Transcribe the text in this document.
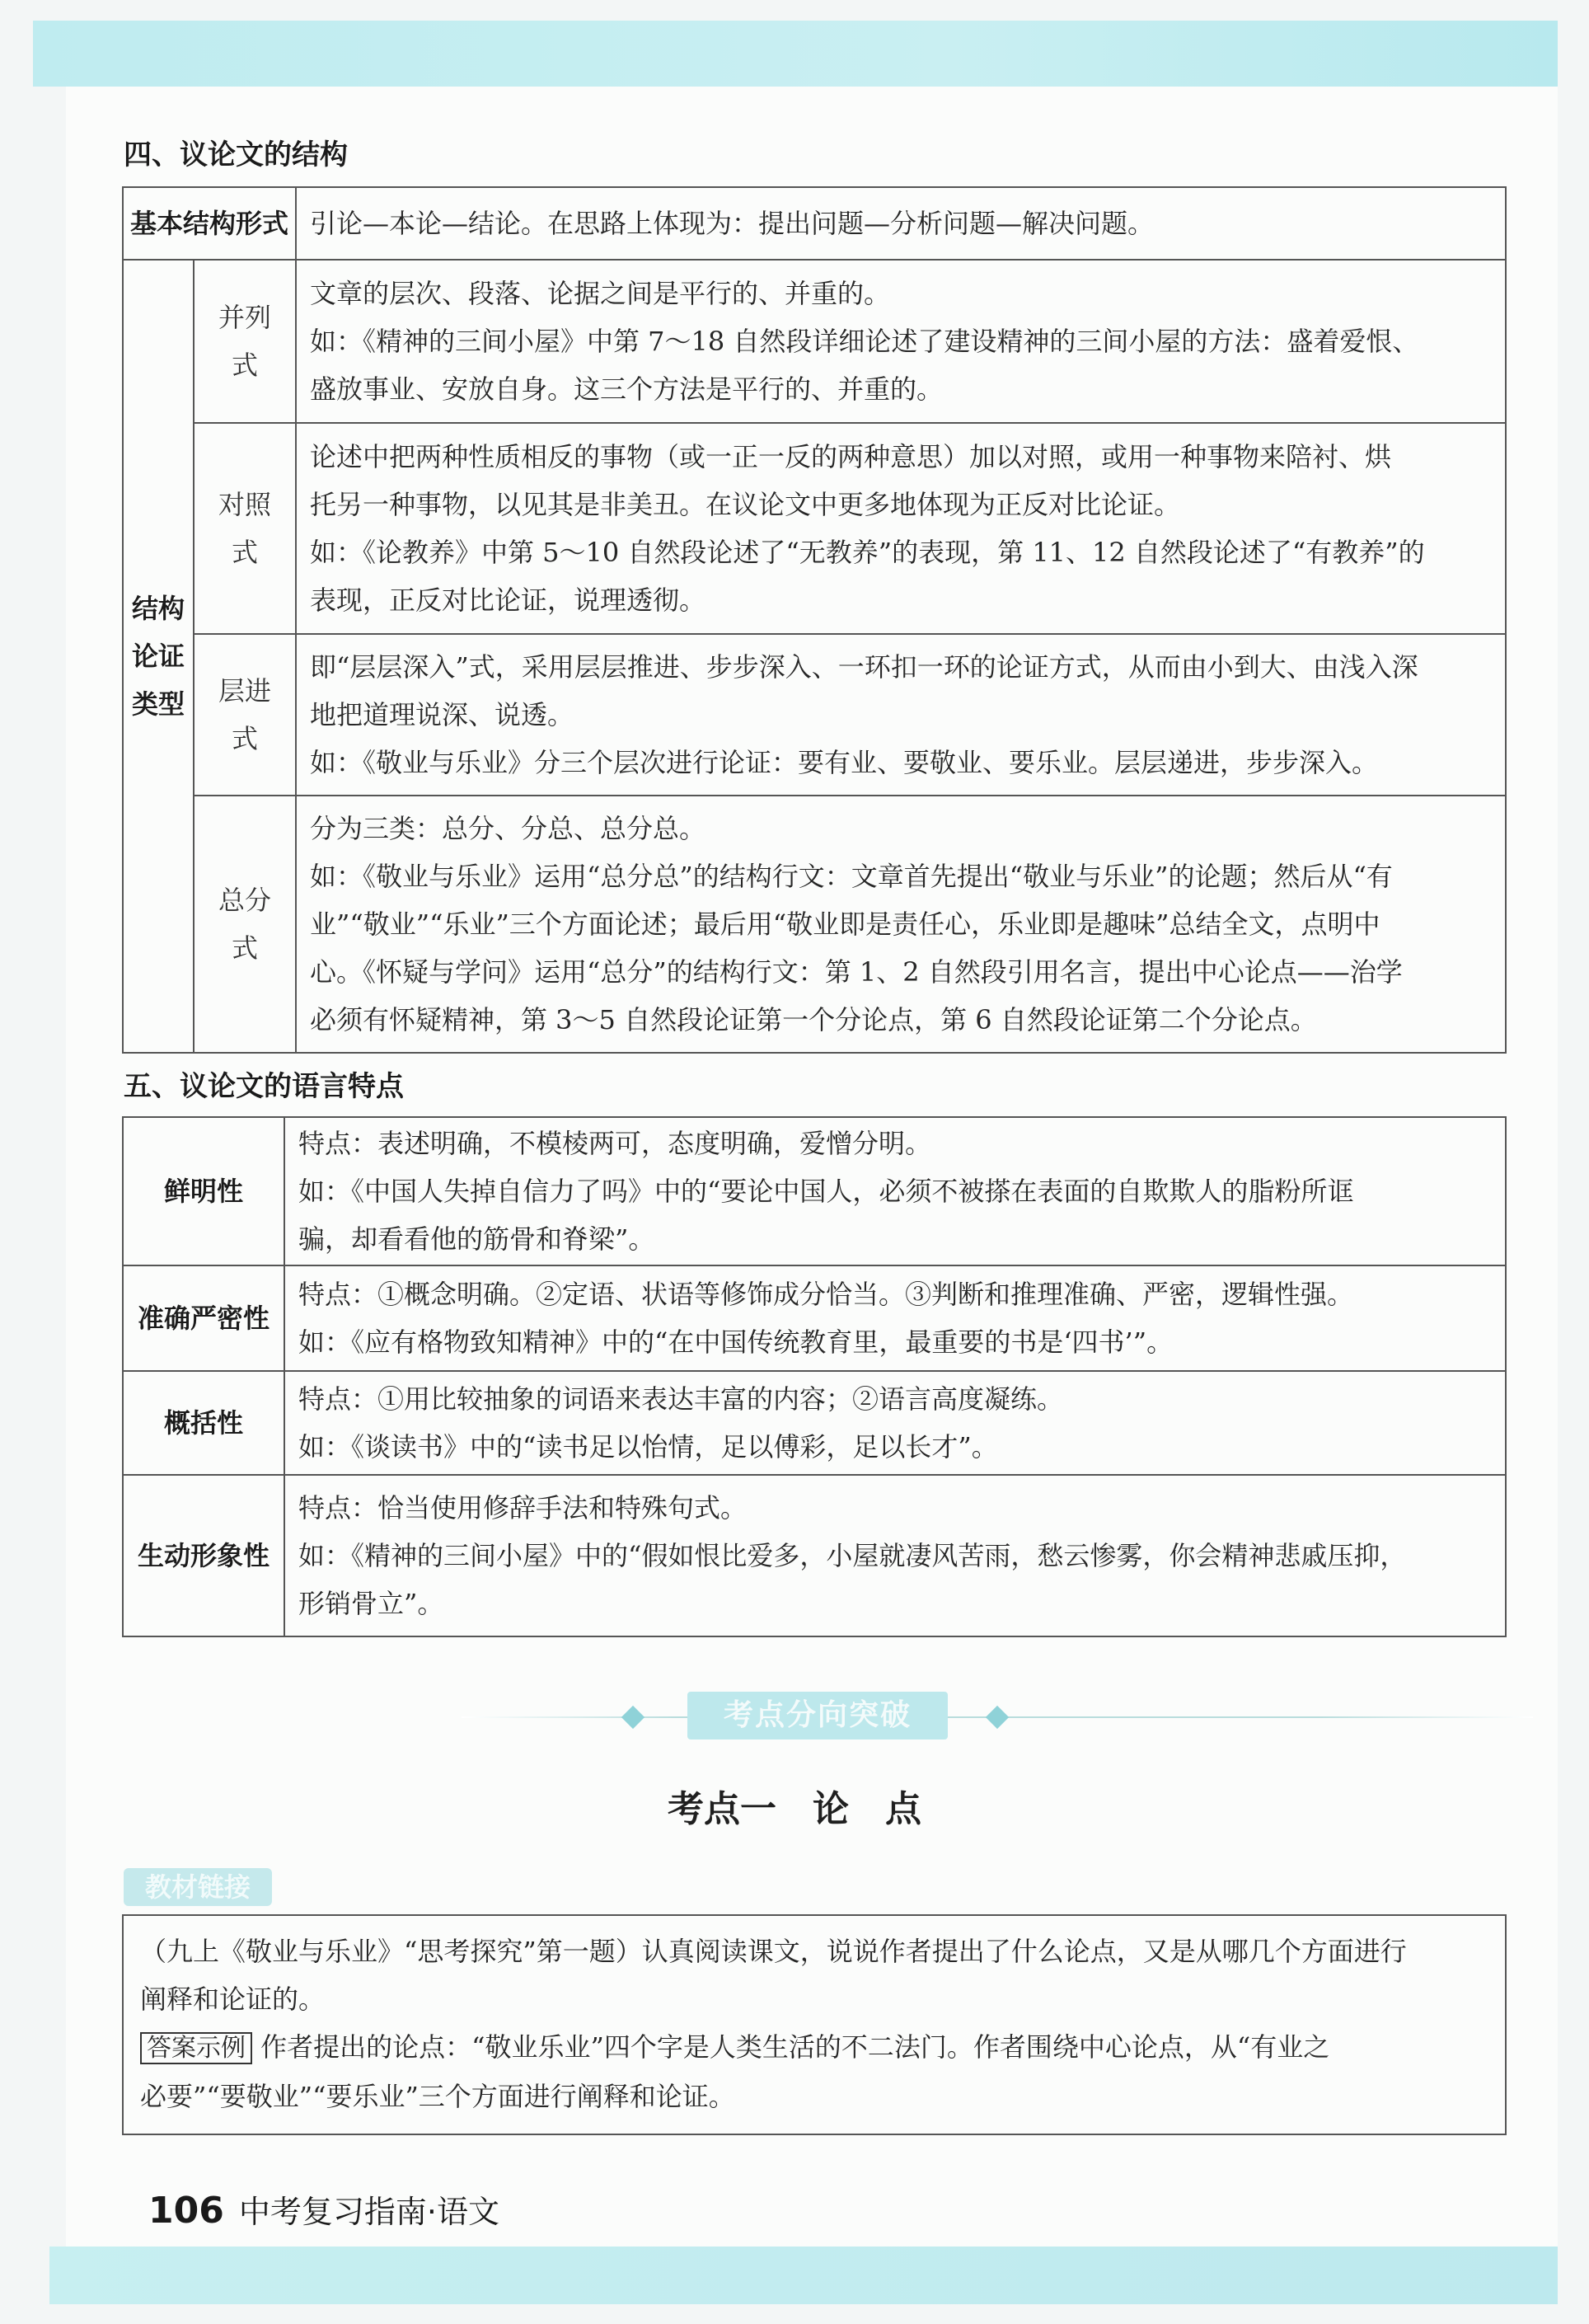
四、议论文的结构
基本结构形式		引论—本论—结论。在思路上体现为：提出问题—分析问题—解决问题。

结构
论证
类型	并列式	文章的层次、段落、论据之间是平行的、并重的。
如：《精神的三间小屋》中第 7～18 自然段详细论述了建设精神的三间小屋的方法：盛着爱恨、
盛放事业、安放自身。这三个方法是平行的、并重的。

	对照式	论述中把两种性质相反的事物（或一正一反的两种意思）加以对照，或用一种事物来陪衬、烘
托另一种事物，以见其是非美丑。在议论文中更多地体现为正反对比论证。
如：《论教养》中第 5～10 自然段论述了“无教养”的表现，第 11、12 自然段论述了“有教养”的
表现，正反对比论证，说理透彻。

	层进式	即“层层深入”式，采用层层推进、步步深入、一环扣一环的论证方式，从而由小到大、由浅入深
地把道理说深、说透。
如：《敬业与乐业》分三个层次进行论证：要有业、要敬业、要乐业。层层递进，步步深入。

	总分式	分为三类：总分、分总、总分总。
如：《敬业与乐业》运用“总分总”的结构行文：文章首先提出“敬业与乐业”的论题；然后从“有
业”“敬业”“乐业”三个方面论述；最后用“敬业即是责任心，乐业即是趣味”总结全文，点明中
心。《怀疑与学问》运用“总分”的结构行文：第 1、2 自然段引用名言，提出中心论点——治学
必须有怀疑精神，第 3～5 自然段论证第一个分论点，第 6 自然段论证第二个分论点。
五、议论文的语言特点
鲜明性	特点：表述明确，不模棱两可，态度明确，爱憎分明。
如：《中国人失掉自信力了吗》中的“要论中国人，必须不被搽在表面的自欺欺人的脂粉所诓
骗，却看看他的筋骨和脊梁”。

准确严密性	特点：①概念明确。②定语、状语等修饰成分恰当。③判断和推理准确、严密，逻辑性强。
如：《应有格物致知精神》中的“在中国传统教育里，最重要的书是‘四书’”。

概括性	特点：①用比较抽象的词语来表达丰富的内容；②语言高度凝练。
如：《谈读书》中的“读书足以怡情，足以傅彩，足以长才”。

生动形象性	特点：恰当使用修辞手法和特殊句式。
如：《精神的三间小屋》中的“假如恨比爱多，小屋就凄风苦雨，愁云惨雾，你会精神悲戚压抑，
形销骨立”。
考点分向突破
考点一　论　点
教材链接
（九上《敬业与乐业》“思考探究”第一题）认真阅读课文，说说作者提出了什么论点，又是从哪几个方面进行
阐释和论证的。
答案示例 作者提出的论点：“敬业乐业”四个字是人类生活的不二法门。作者围绕中心论点，从“有业之
必要”“要敬业”“要乐业”三个方面进行阐释和论证。
106 中考复习指南·语文
